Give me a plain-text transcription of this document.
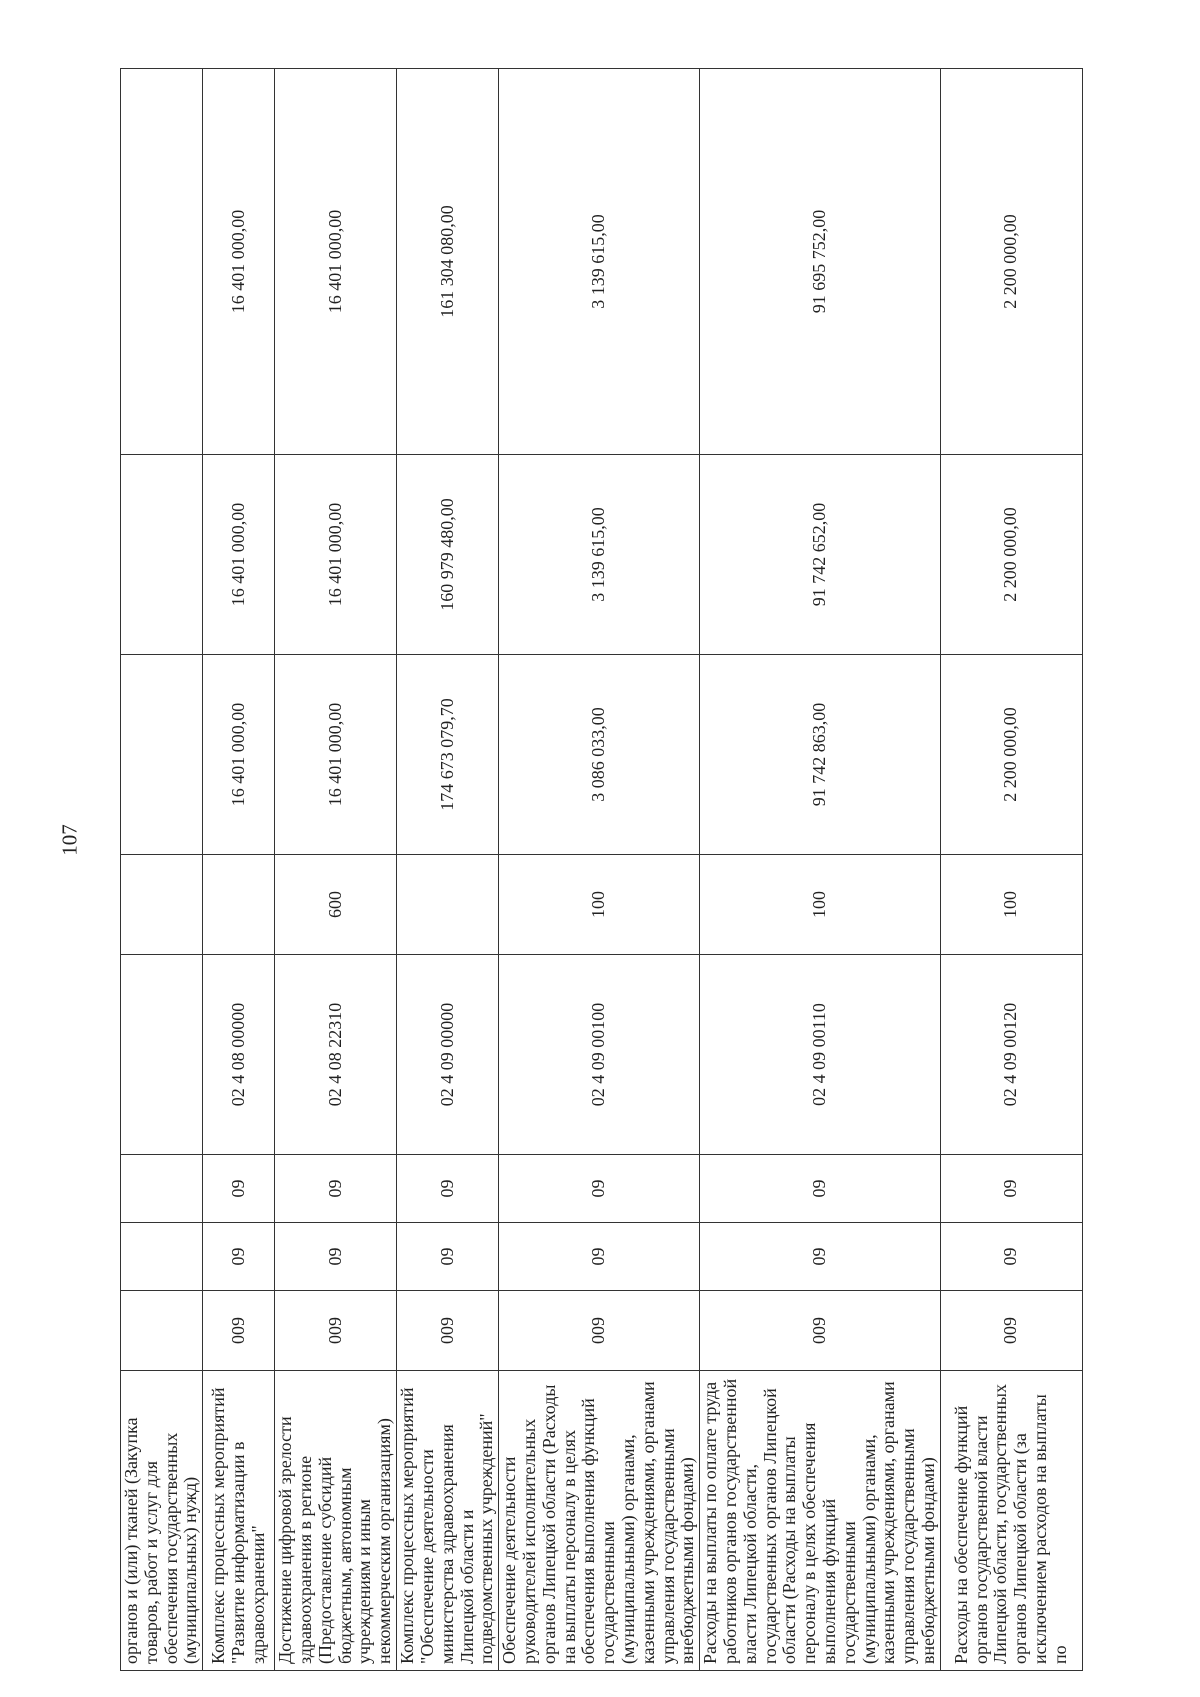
107
органов и (или) тканей (Закупка товаров, работ и услуг для обеспечения государственных (муниципальных) нужд)								
Комплекс процессных мероприятий "Развитие информатизации в здравоохранении"	009	09	09	02 4 08 00000		16 401 000,00	16 401 000,00	16 401 000,00
Достижение цифровой зрелости здравоохранения в регионе (Предоставление субсидий бюджетным, автономным учреждениям и иным некоммерческим организациям)	009	09	09	02 4 08 22310	600	16 401 000,00	16 401 000,00	16 401 000,00
Комплекс процессных мероприятий "Обеспечение деятельности министерства здравоохранения Липецкой области и подведомственных учреждений"	009	09	09	02 4 09 00000		174 673 079,70	160 979 480,00	161 304 080,00
Обеспечение деятельности руководителей исполнительных органов Липецкой области (Расходы на выплаты персоналу в целях обеспечения выполнения функций государственными (муниципальными) органами, казенными учреждениями, органами управления государственными внебюджетными фондами)	009	09	09	02 4 09 00100	100	3 086 033,00	3 139 615,00	3 139 615,00
Расходы на выплаты по оплате труда работников органов государственной власти Липецкой области, государственных органов Липецкой области (Расходы на выплаты персоналу в целях обеспечения выполнения функций государственными (муниципальными) органами, казенными учреждениями, органами управления государственными внебюджетными фондами)	009	09	09	02 4 09 00110	100	91 742 863,00	91 742 652,00	91 695 752,00
Расходы на обеспечение функций органов государственной власти Липецкой области, государственных органов Липецкой области (за исключением расходов на выплаты по	009	09	09	02 4 09 00120	100	2 200 000,00	2 200 000,00	2 200 000,00
